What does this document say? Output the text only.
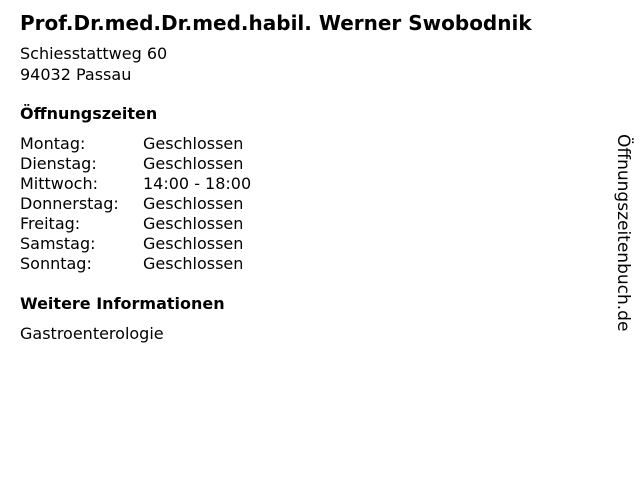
Prof.Dr.med.Dr.med.habil. Werner Swobodnik
Schiesstattweg 60
94032 Passau
Öffnungszeiten
Montag:	Geschlossen
Dienstag:	Geschlossen
Mittwoch:	14:00 - 18:00
Donnerstag:	Geschlossen
Freitag:	Geschlossen
Samstag:	Geschlossen
Sonntag:	Geschlossen
Weitere Informationen
Gastroenterologie
Öffnungszeitenbuch.de
